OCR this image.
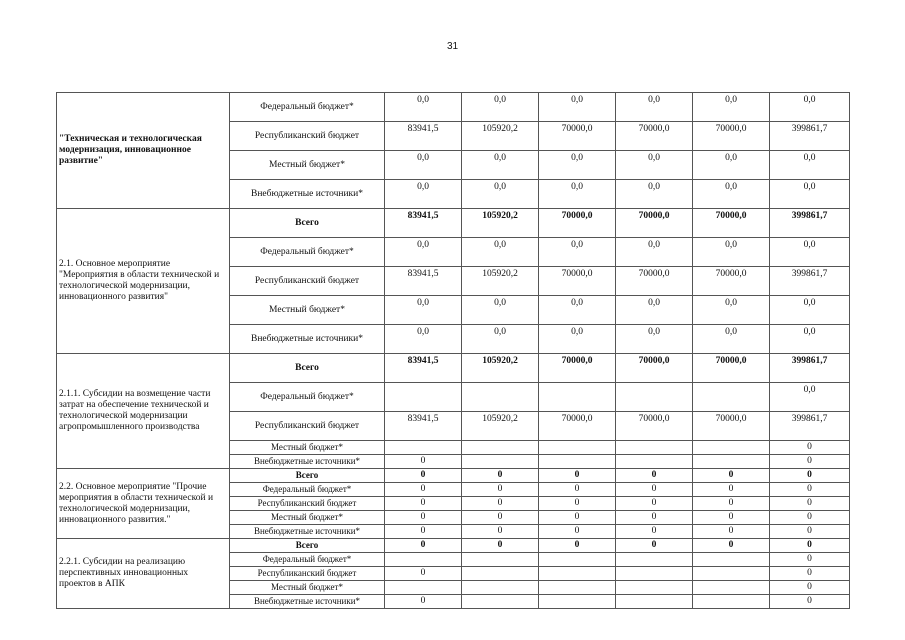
31
"Техническая и технологическая модернизация, инновационное развитие"	Федеральный бюджет*	0,0	0,0	0,0	0,0	0,0	0,0
	Республиканский бюджет	83941,5	105920,2	70000,0	70000,0	70000,0	399861,7
	Местный бюджет*	0,0	0,0	0,0	0,0	0,0	0,0
	Внебюджетные источники*	0,0	0,0	0,0	0,0	0,0	0,0
2.1. Основное мероприятие "Мероприятия в области технической и технологической модернизации, инновационного развития"	Всего	83941,5	105920,2	70000,0	70000,0	70000,0	399861,7
	Федеральный бюджет*	0,0	0,0	0,0	0,0	0,0	0,0
	Республиканский бюджет	83941,5	105920,2	70000,0	70000,0	70000,0	399861,7
	Местный бюджет*	0,0	0,0	0,0	0,0	0,0	0,0
	Внебюджетные источники*	0,0	0,0	0,0	0,0	0,0	0,0
2.1.1. Субсидии на возмещение части затрат на обеспечение технической и технологической модернизации агропромышленного производства	Всего	83941,5	105920,2	70000,0	70000,0	70000,0	399861,7
	Федеральный бюджет*						0,0
	Республиканский бюджет	83941,5	105920,2	70000,0	70000,0	70000,0	399861,7
	Местный бюджет*						0
	Внебюджетные источники*	0					0
2.2. Основное мероприятие "Прочие мероприятия в области технической и технологической модернизации, инновационного развития."	Всего	0	0	0	0	0	0
	Федеральный бюджет*	0	0	0	0	0	0
	Республиканский бюджет	0	0	0	0	0	0
	Местный бюджет*	0	0	0	0	0	0
	Внебюджетные источники*	0	0	0	0	0	0
2.2.1. Субсидии на реализацию перспективных инновационных проектов в АПК	Всего	0	0	0	0	0	0
	Федеральный бюджет*						0
	Республиканский бюджет	0					0
	Местный бюджет*						0
	Внебюджетные источники*	0					0
